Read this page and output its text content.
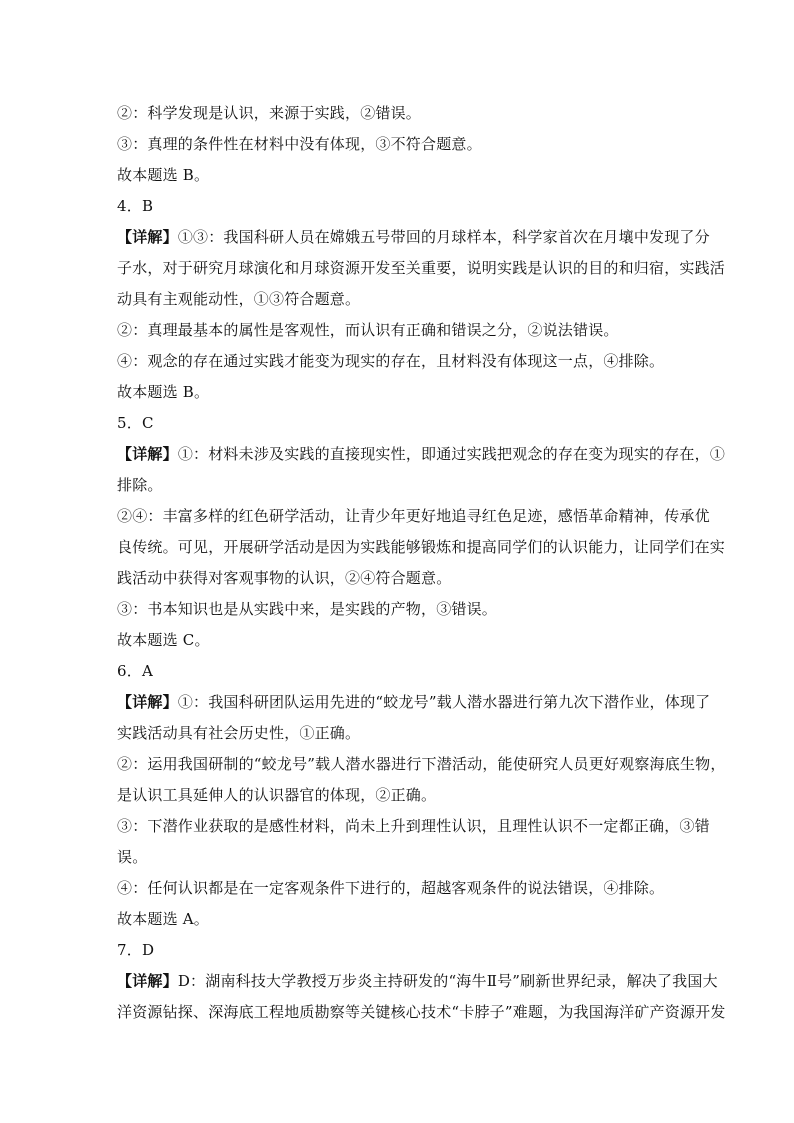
②：科学发现是认识，来源于实践，②错误。
③：真理的条件性在材料中没有体现，③不符合题意。
故本题选 B。
4．B
【详解】①③：我国科研人员在嫦娥五号带回的月球样本，科学家首次在月壤中发现了分
子水，对于研究月球演化和月球资源开发至关重要，说明实践是认识的目的和归宿，实践活
动具有主观能动性，①③符合题意。
②：真理最基本的属性是客观性，而认识有正确和错误之分，②说法错误。
④：观念的存在通过实践才能变为现实的存在，且材料没有体现这一点，④排除。
故本题选 B。
5．C
【详解】①：材料未涉及实践的直接现实性，即通过实践把观念的存在变为现实的存在，①
排除。
②④：丰富多样的红色研学活动，让青少年更好地追寻红色足迹，感悟革命精神，传承优
良传统。可见，开展研学活动是因为实践能够锻炼和提高同学们的认识能力，让同学们在实
践活动中获得对客观事物的认识，②④符合题意。
③：书本知识也是从实践中来，是实践的产物，③错误。
故本题选 C。
6．A
【详解】①：我国科研团队运用先进的“蛟龙号”载人潜水器进行第九次下潜作业，体现了
实践活动具有社会历史性，①正确。
②：运用我国研制的“蛟龙号”载人潜水器进行下潜活动，能使研究人员更好观察海底生物，
是认识工具延伸人的认识器官的体现，②正确。
③：下潜作业获取的是感性材料，尚未上升到理性认识，且理性认识不一定都正确，③错
误。
④：任何认识都是在一定客观条件下进行的，超越客观条件的说法错误，④排除。
故本题选 A。
7．D
【详解】D：湖南科技大学教授万步炎主持研发的“海牛Ⅱ号”刷新世界纪录，解决了我国大
洋资源钻探、深海底工程地质勘察等关键核心技术“卡脖子”难题，为我国海洋矿产资源开发
